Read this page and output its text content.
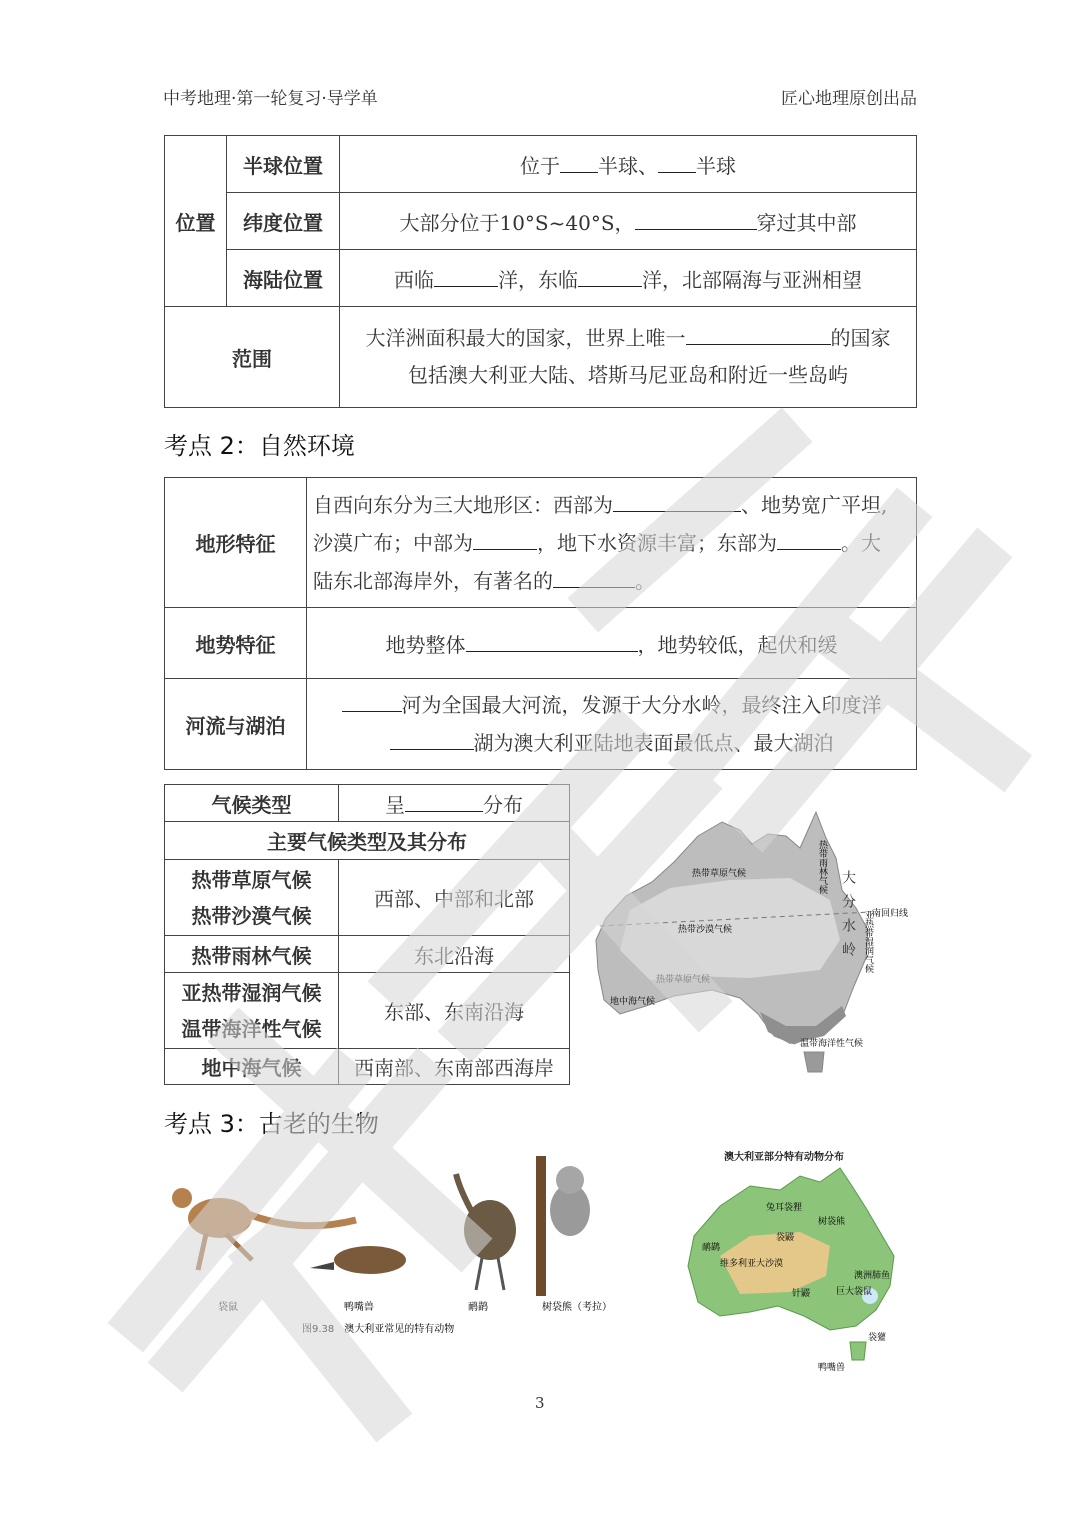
中考地理·第一轮复习·导学单	匠心地理原创出品
位置	半球位置	位于 半球、 半球
	纬度位置	大部分位于10°S~40°S， 穿过其中部
	海陆位置	西临 洋，东临 洋，北部隔海与亚洲相望
范围		大洋洲面积最大的国家，世界上唯一 的国家
包括澳大利亚大陆、塔斯马尼亚岛和附近一些岛屿
考点 2：自然环境
地形特征	自西向东分为三大地形区：西部为 、地势宽广平坦,
沙漠广布；中部为 ，地下水资源丰富；东部为 。大
陆东北部海岸外，有著名的 。

地势特征	地势整体 ，地势较低，起伏和缓
河流与湖泊	河为全国最大河流，发源于大分水岭，最终注入印度洋
湖为澳大利亚陆地表面最低点、最大湖泊
气候类型	呈 分布
主要气候类型及其分布	

热带草原气候
热带沙漠气候	西部、中部和北部

热带雨林气候	东北沿海

亚热带湿润气候
温带海洋性气候	东部、东南沿海

地中海气候	西南部、东南部西海岸
热带草原气候
热带沙漠气候
热带草原气候
地中海气候
温带海洋性气候
南回归线
热带雨林气候
亚热带湿润气候
大分水岭
考点 3：古老的生物
袋鼠	鸭嘴兽	鸸鹋	树袋熊（考拉）
图9.38　澳大利亚常见的特有动物
澳大利亚部分特有动物分布
兔耳袋狸
树袋熊
鸸鹋
袋鼹
澳洲肺鱼
针鼹	巨大袋鼠
维多利亚大沙漠
鸭嘴兽
袋獾
3
